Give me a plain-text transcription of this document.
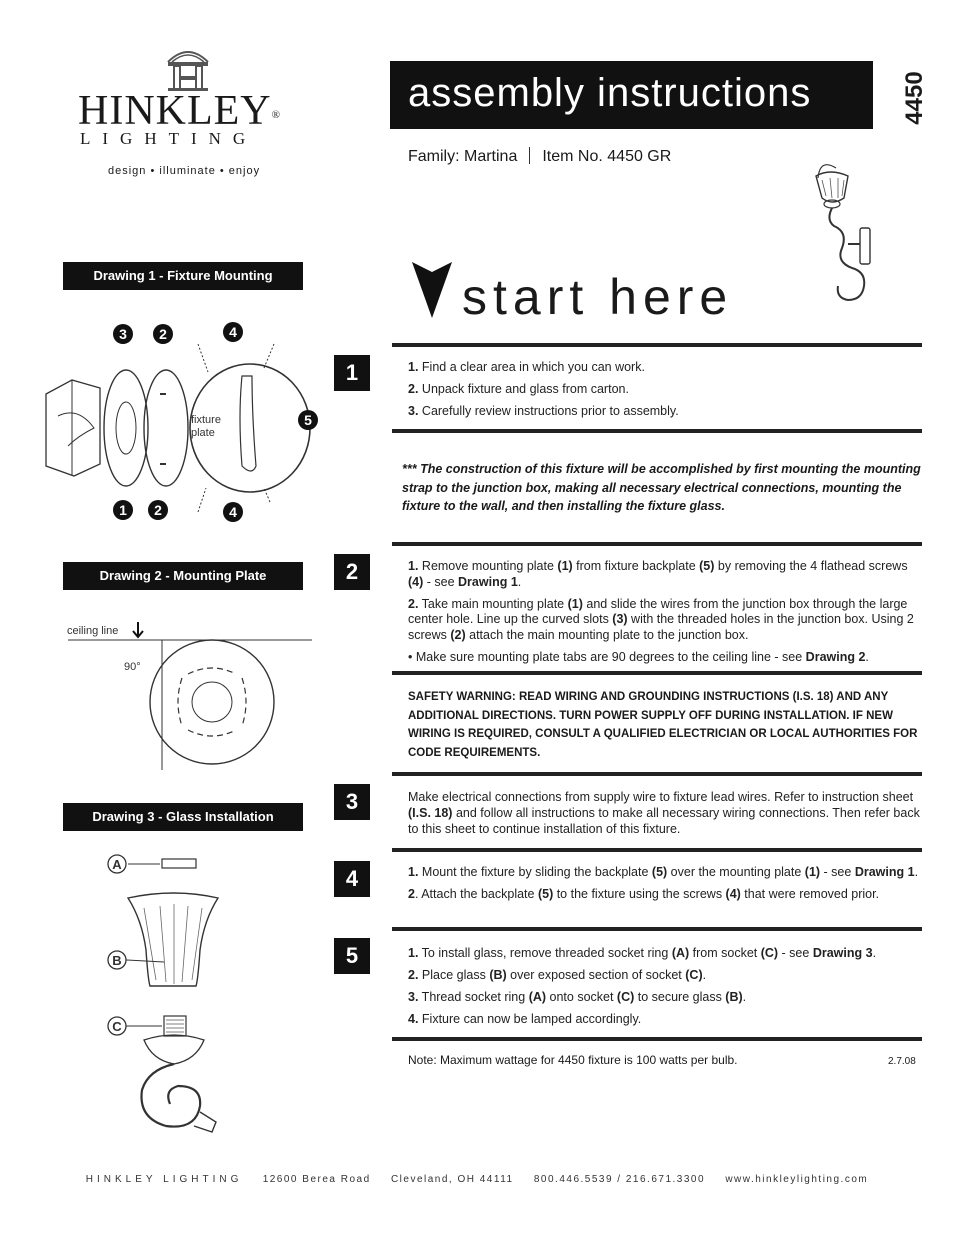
HINKLEY®
LIGHTING
design • illuminate • enjoy
assembly instructions	4450
Family: Martina Item No. 4450 GR
start here
Drawing 1 - Fixture Mounting
fixture
plate
3 2	4
5
1 2	4
Drawing 2 - Mounting Plate
ceiling line
90°
Drawing 3 - Glass Installation
A
B
C
1	1. Find a clear area in which you can work.

2. Unpack fixture and glass from carton.

3. Carefully review instructions prior to assembly.

*** The construction of this fixture will be accomplished by first mounting the mounting strap to the junction box, making all necessary electrical connections, mounting the fixture to the wall, and then installing the fixture glass.
2	1. Remove mounting plate (1) from fixture backplate (5) by removing the 4 flathead screws (4) - see Drawing 1.

2. Take main mounting plate (1) and slide the wires from the junction box through the large center hole. Line up the curved slots (3) with the threaded holes in the junction box. Using 2 screws (2) attach the main mounting plate to the junction box.

• Make sure mounting plate tabs are 90 degrees to the ceiling line - see Drawing 2.

SAFETY WARNING: READ WIRING AND GROUNDING INSTRUCTIONS (I.S. 18) AND ANY ADDITIONAL DIRECTIONS. TURN POWER SUPPLY OFF DURING INSTALLATION. IF NEW WIRING IS REQUIRED, CONSULT A QUALIFIED ELECTRICIAN OR LOCAL AUTHORITIES FOR CODE REQUIREMENTS.
3	Make electrical connections from supply wire to fixture lead wires. Refer to instruction sheet (I.S. 18) and follow all instructions to make all necessary wiring connections. Then refer back to this sheet to continue installation of this fixture.

4	1. Mount the fixture by sliding the backplate (5) over the mounting plate (1) - see Drawing 1.

2. Attach the backplate (5) to the fixture using the screws (4) that were removed prior.

5	1. To install glass, remove threaded socket ring (A) from socket (C) - see Drawing 3.

2. Place glass (B) over exposed section of socket (C).

3. Thread socket ring (A) onto socket (C) to secure glass (B).

4. Fixture can now be lamped accordingly.

Note: Maximum wattage for 4450 fixture is 100 watts per bulb.	2.7.08
HINKLEY LIGHTING 12600 Berea Road Cleveland, OH 44111 800.446.5539 / 216.671.3300 www.hinkleylighting.com
